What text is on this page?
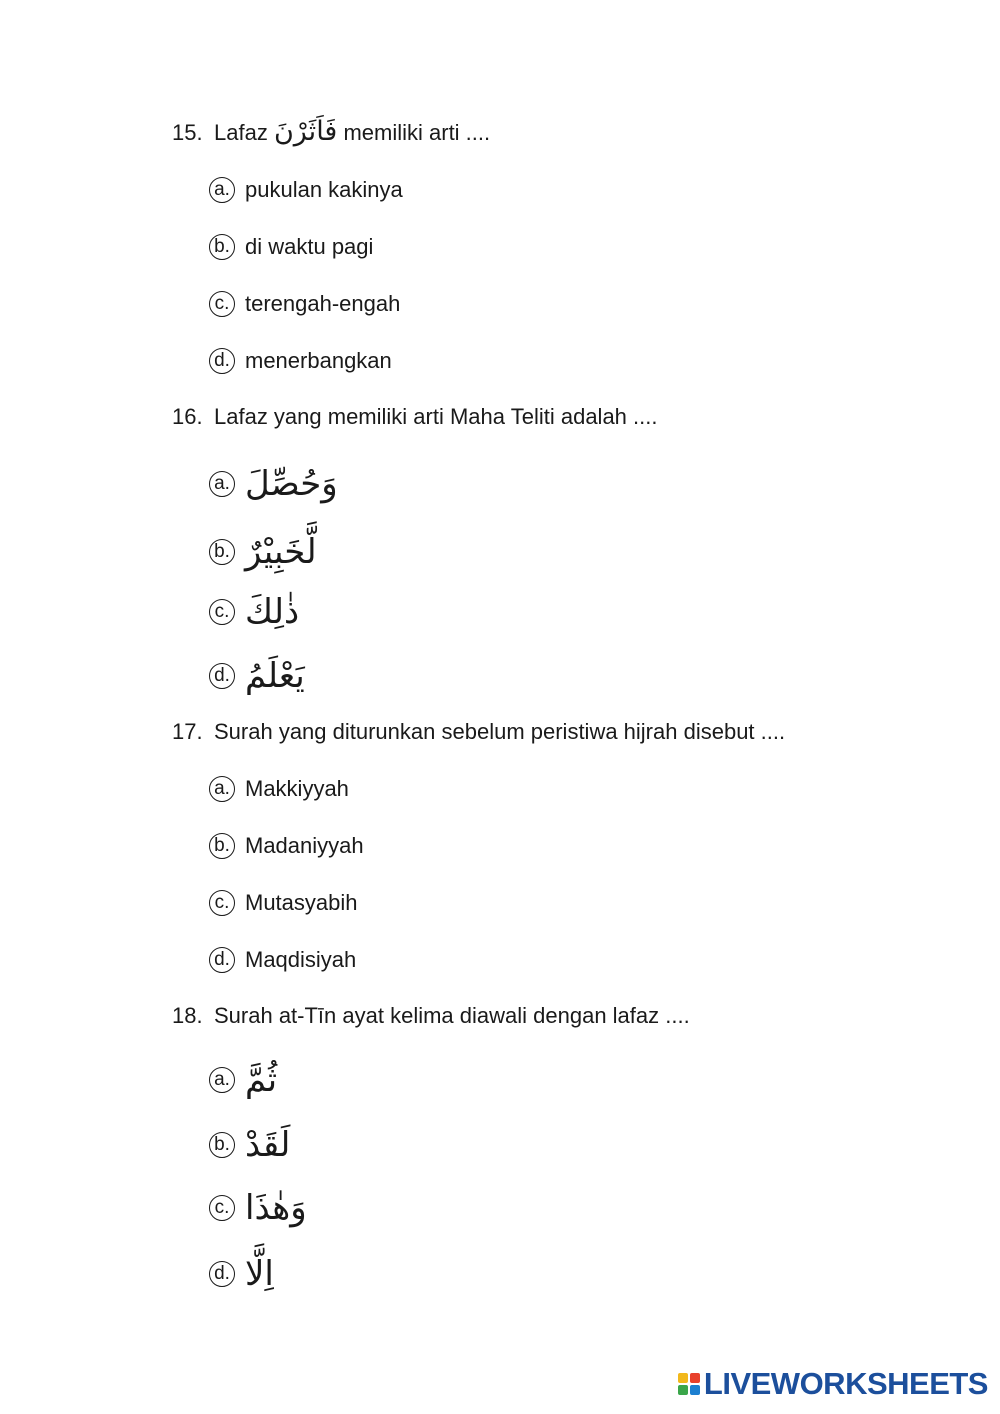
15. Lafaz فَاَثَرْنَ memiliki arti ....
a. pukulan kakinya
b. di waktu pagi
c. terengah-engah
d. menerbangkan
16. Lafaz yang memiliki arti Maha Teliti adalah ....
a. وَحُصِّلَ
b. لَّخَبِيْرٌ
c. ذٰلِكَ
d. يَعْلَمُ
17. Surah yang diturunkan sebelum peristiwa hijrah disebut ....
a. Makkiyyah
b. Madaniyyah
c. Mutasyabih
d. Maqdisiyah
18. Surah at-Tīn ayat kelima diawali dengan lafaz ....
a. ثُمَّ
b. لَقَدْ
c. وَهٰذَا
d. اِلَّا
LIVEWORKSHEETS
